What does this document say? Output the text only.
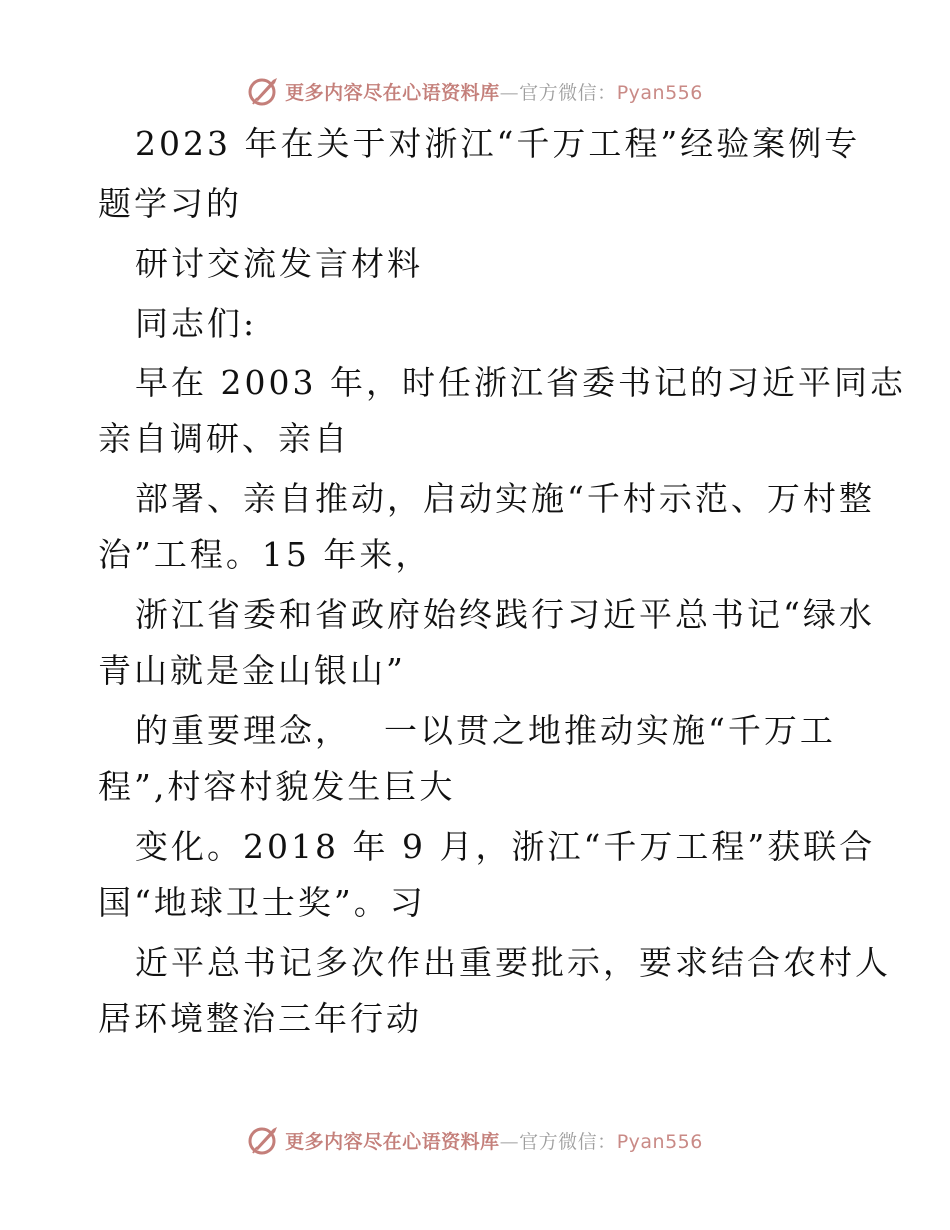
更多内容尽在心语资料库—官方微信：Pyan556
2023 年在关于对浙江“千万工程”经验案例专
题学习的
研讨交流发言材料
同志们:
早在 2003 年，时任浙江省委书记的习近平同志
亲自调研、亲自
部署、亲自推动，启动实施“千村示范、万村整
治”工程。15 年来，
浙江省委和省政府始终践行习近平总书记“绿水
青山就是金山银山”
的重要理念，　 一以贯之地推动实施“千万工
程”,村容村貌发生巨大
变化。2018 年 9 月，浙江“千万工程”获联合
国“地球卫士奖”。习
近平总书记多次作出重要批示，要求结合农村人
居环境整治三年行动
更多内容尽在心语资料库—官方微信：Pyan556
